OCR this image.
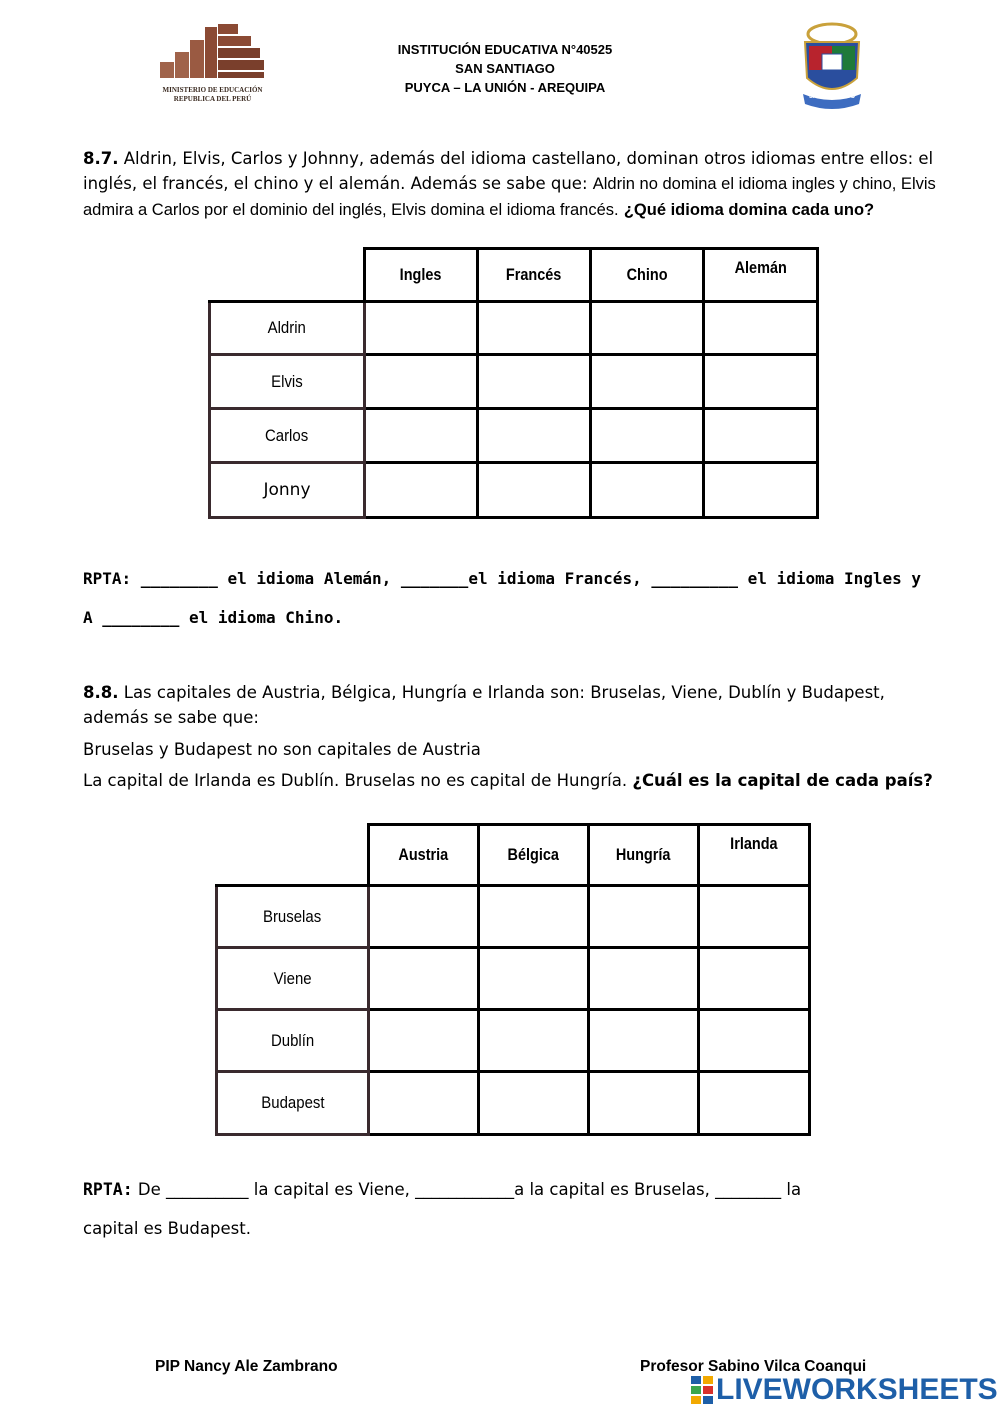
MINISTERIO DE EDUCACIÓN
REPUBLICA DEL PERÚ
INSTITUCIÓN EDUCATIVA N°40525
SAN SANTIAGO
PUYCA – LA UNIÓN - AREQUIPA
SAN SANTIAGO
8.7. Aldrin, Elvis, Carlos y Johnny, además del idioma castellano, dominan otros idiomas entre ellos: el inglés, el francés, el chino y el alemán. Además se sabe que: Aldrin no domina el idioma ingles y chino, Elvis admira a Carlos por el dominio del inglés, Elvis domina el idioma francés. ¿Qué idioma domina cada uno?
	Ingles	Francés	Chino	Alemán
Aldrin				
Elvis				
Carlos				
Jonny				
RPTA: ________ el idioma Alemán, _______el idioma Francés, _________ el idioma Ingles y
A ________ el idioma Chino.
8.8. Las capitales de Austria, Bélgica, Hungría e Irlanda son: Bruselas, Viene, Dublín y Budapest, además se sabe que:
Bruselas y Budapest no son capitales de Austria
La capital de Irlanda es Dublín. Bruselas no es capital de Hungría. ¿Cuál es la capital de cada país?
	Austria	Bélgica	Hungría	Irlanda
Bruselas				
Viene				
Dublín				
Budapest				
RPTA: De __________ la capital es Viene, ____________a la capital es Bruselas, ________ la
capital es Budapest.
PIP Nancy Ale Zambrano	Profesor Sabino Vilca Coanqui
LIVEWORKSHEETS
